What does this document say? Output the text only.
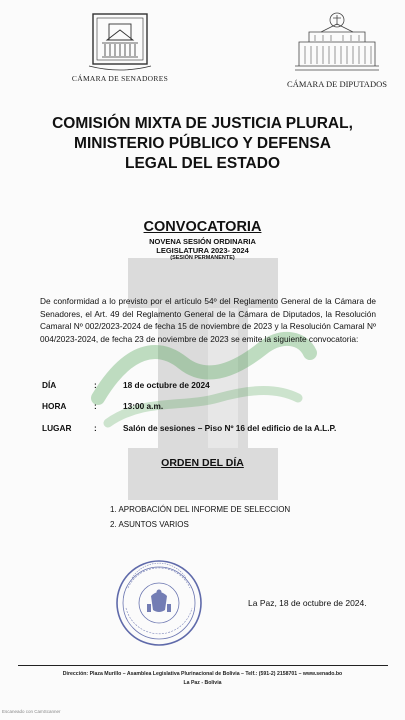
CÁMARA DE SENADORES
CÁMARA DE DIPUTADOS
COMISIÓN MIXTA DE JUSTICIA PLURAL,
MINISTERIO PÚBLICO Y DEFENSA
LEGAL DEL ESTADO
CONVOCATORIA
NOVENA SESIÓN ORDINARIA
LEGISLATURA 2023- 2024
(SESIÓN PERMANENTE)
De conformidad a lo previsto por el artículo 54º del Reglamento General de la Cámara de Senadores, el Art. 49 del Reglamento General de la Cámara de Diputados, la Resolución Camaral Nº 002/2023-2024 de fecha 15 de noviembre de 2023 y la Resolución Camaral Nº 004/2023-2024, de fecha 23 de noviembre de 2023 se emite la siguiente convocatoria:
DÍA	:	18 de octubre de 2024
HORA	:	13:00 a.m.
LUGAR	:	Salón de sesiones – Piso Nº 16 del edificio de la A.L.P.
ORDEN DEL DÍA
1. APROBACIÓN DEL INFORME DE SELECCION
2. ASUNTOS VARIOS
La Paz, 18 de octubre de 2024.
Dirección: Plaza Murillo – Asamblea Legislativa Plurinacional de Bolivia – Telf.: (591-2) 2158701 – www.senado.bo
La Paz - Bolivia
Escaneado con CamScanner
